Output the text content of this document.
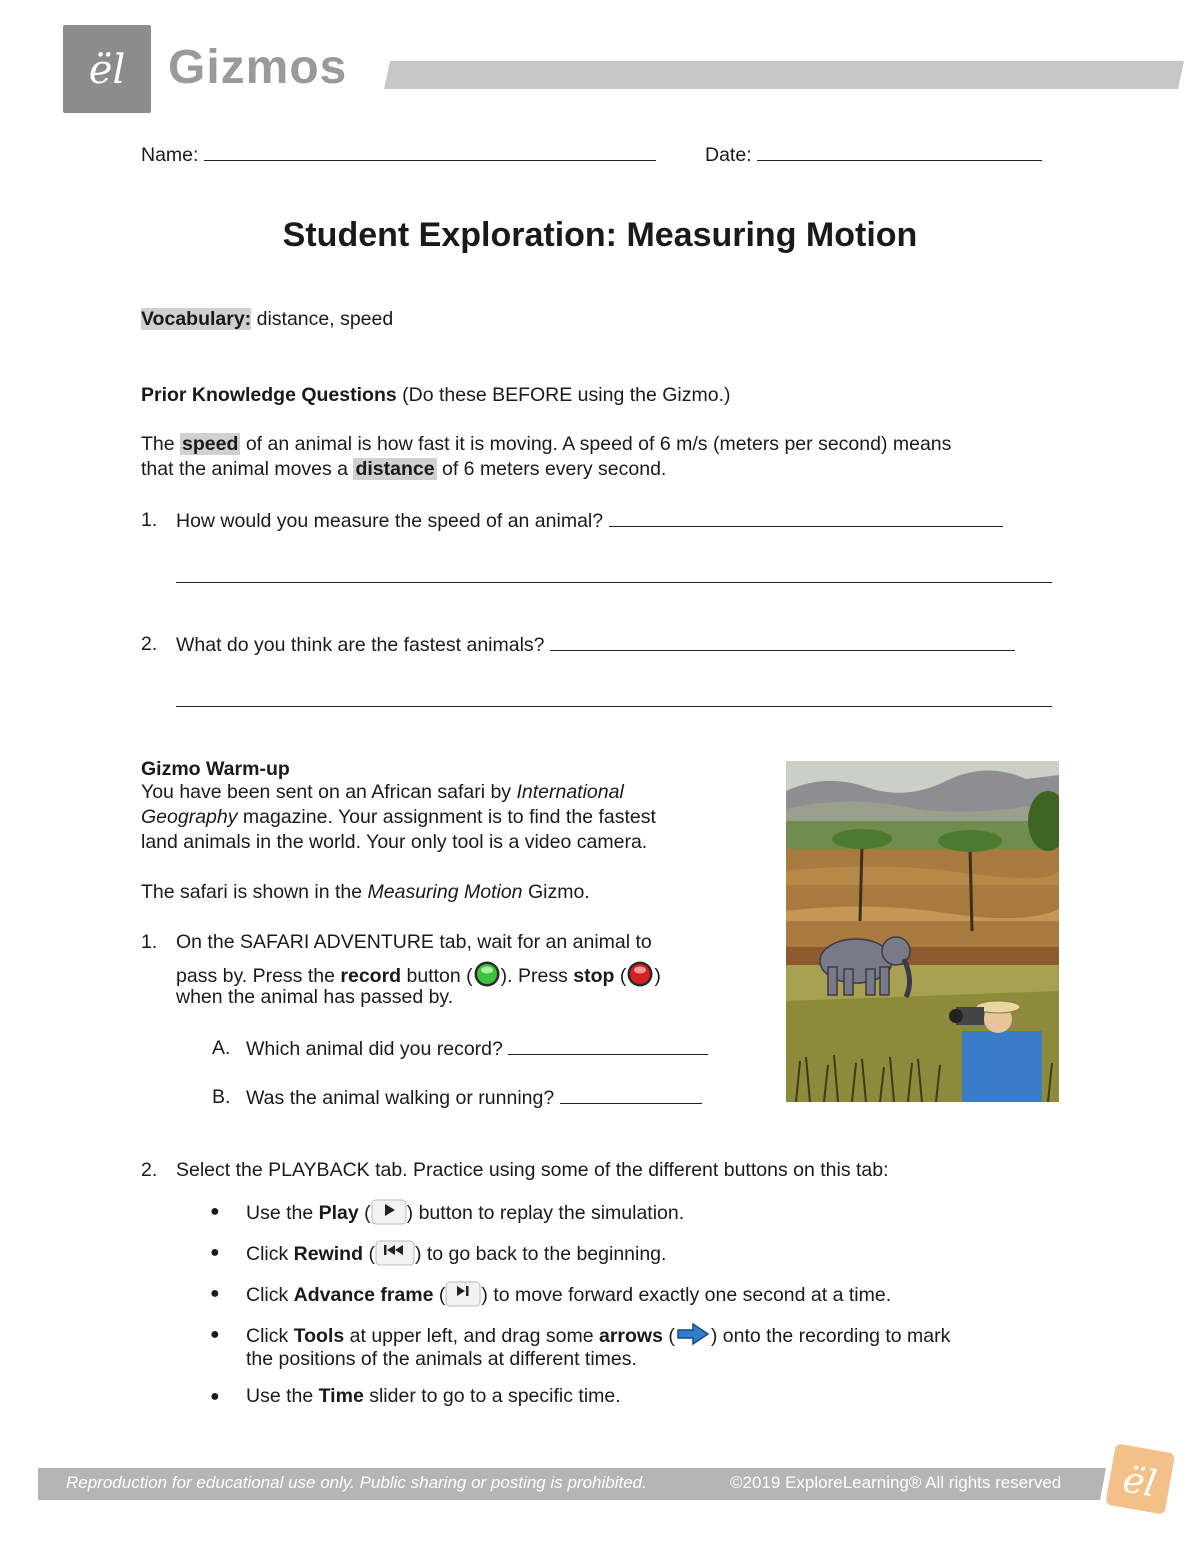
ël Gizmos
Name:	Date:
Student Exploration: Measuring Motion
Vocabulary: distance, speed
Prior Knowledge Questions (Do these BEFORE using the Gizmo.)
The speed of an animal is how fast it is moving. A speed of 6 m/s (meters per second) means
that the animal moves a distance of 6 meters every second.
1. How would you measure the speed of an animal?
2. What do you think are the fastest animals?
Gizmo Warm-up
You have been sent on an African safari by International
Geography magazine. Your assignment is to find the fastest
land animals in the world. Your only tool is a video camera.
The safari is shown in the Measuring Motion Gizmo.
1. On the SAFARI ADVENTURE tab, wait for an animal to
pass by. Press the record button ( ). Press stop ( )
when the animal has passed by.
A. Which animal did you record?
B. Was the animal walking or running?
2. Select the PLAYBACK tab. Practice using some of the different buttons on this tab:
● Use the Play ( ) button to replay the simulation.
● Click Rewind ( ) to go back to the beginning.
● Click Advance frame ( ) to move forward exactly one second at a time.
● Click Tools at upper left, and drag some arrows ( ) onto the recording to mark
the positions of the animals at different times.
● Use the Time slider to go to a specific time.
Reproduction for educational use only. Public sharing or posting is prohibited.	©2019 ExploreLearning® All rights reserved ël
